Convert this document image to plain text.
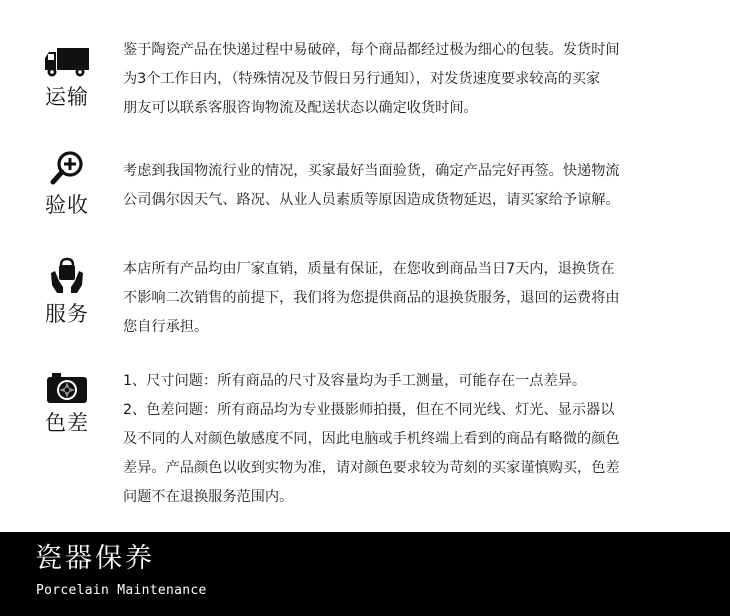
运输

鉴于陶瓷产品在快递过程中易破碎，每个商品都经过极为细心的包装。发货时间

为3个工作日内，（特殊情况及节假日另行通知），对发货速度要求较高的买家

朋友可以联系客服咨询物流及配送状态以确定收货时间。

验收

考虑到我国物流行业的情况，买家最好当面验货，确定产品完好再签。快递物流

公司偶尔因天气、路况、从业人员素质等原因造成货物延迟，请买家给予谅解。

服务

本店所有产品均由厂家直销，质量有保证，在您收到商品当日7天内，退换货在

不影响二次销售的前提下，我们将为您提供商品的退换货服务，退回的运费将由

您自行承担。

色差

1、尺寸问题：所有商品的尺寸及容量均为手工测量，可能存在一点差异。

2、色差问题：所有商品均为专业摄影师拍摄，但在不同光线、灯光、显示器以

及不同的人对颜色敏感度不同，因此电脑或手机终端上看到的商品有略微的颜色

差异。产品颜色以收到实物为准，请对颜色要求较为苛刻的买家谨慎购买，色差

问题不在退换服务范围内。

瓷器保养
Porcelain Maintenance
